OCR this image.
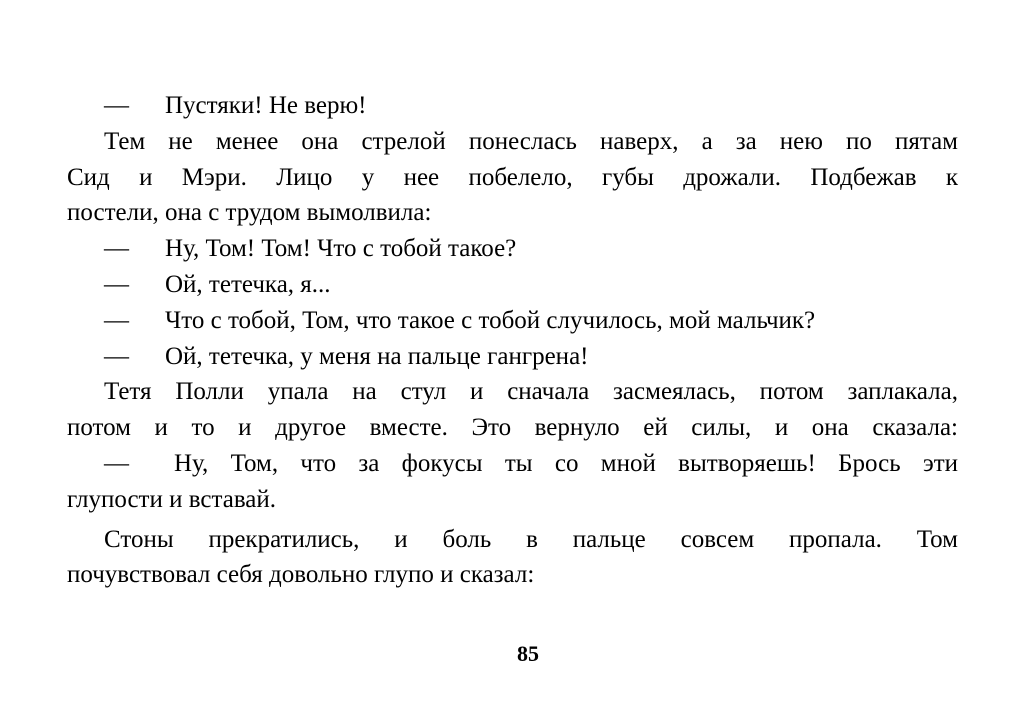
— Пустяки! Не верю!
Тем не менее она стрелой понеслась наверх, а за нею по пятам
Сид и Мэри. Лицо у нее побелело, губы дрожали. Подбежав к
постели, она с трудом вымолвила:
— Ну, Том! Том! Что с тобой такое?
— Ой, тетечка, я...
— Что с тобой, Том, что такое с тобой случилось, мой мальчик?
— Ой, тетечка, у меня на пальце гангрена!
Тетя Полли упала на стул и сначала засмеялась, потом заплакала,
потом и то и другое вместе. Это вернуло ей силы, и она сказала:
— Ну, Том, что за фокусы ты со мной вытворяешь! Брось эти
глупости и вставай.
Стоны прекратились, и боль в пальце совсем пропала. Том
почувствовал себя довольно глупо и сказал:
85
